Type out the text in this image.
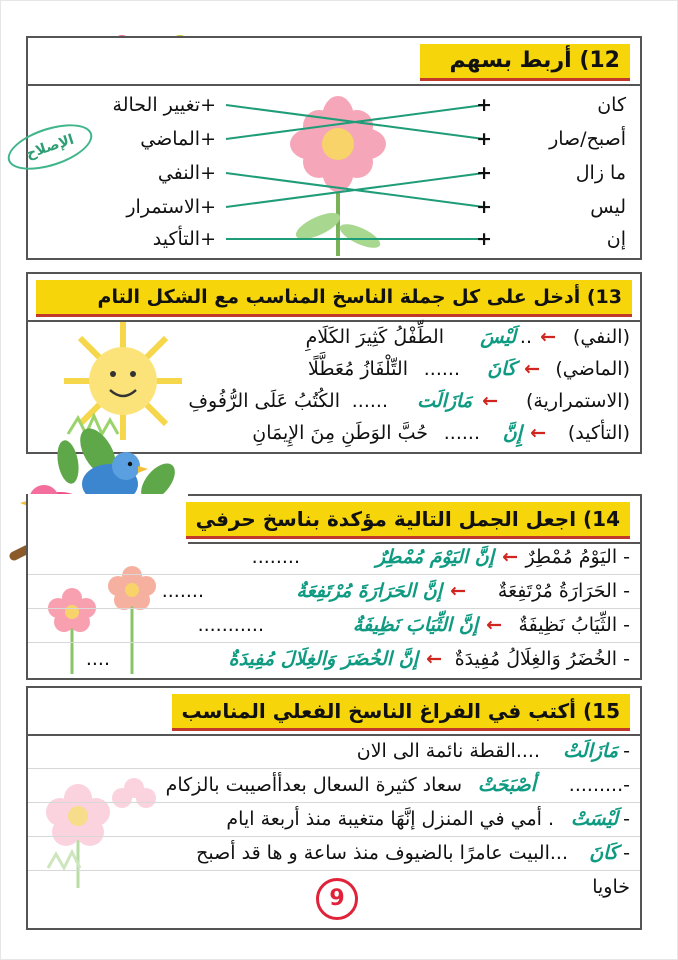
12) أربط بسهم
كان
+
+تغيير الحالة
أصبح/صار
+
+الماضي
ما زال
+
+النفي
ليس
+
+الاستمرار
إن
+
+التأكيد
الإصلاح
13) أدخل على كل جملة الناسخ المناسب مع الشكل التام
(النفي)
←
..
لَيْسَ
الطِّفْلُ كَثِيرَ الكَلَامِ
(الماضي)
←
كَانَ
......
التِّلْفَازُ مُعَطَّلًا
(الاستمرارية)
←
مَازَالَت
......
الكُتُبُ عَلَى الرُّفُوفِ
(التأكيد)
←
إِنَّ
......
حُبَّ الوَطَنِ مِنَ الإِيمَانِ
14) اجعل الجمل التالية مؤكدة بناسخ حرفي
- اليَوْمُ مُمْطِرٌ
←
إنَّ اليَوْمَ مُمْطِرٌ
........
- الحَرَارَةُ مُرْتَفِعَةٌ
←
إنَّ الحَرَارَةَ مُرْتَفِعَةٌ
.......
- الثِّيَابُ نَظِيفَةٌ
←
إنَّ الثِّيَابَ نَظِيفَةٌ
...........
- الخُضَرُ وَالغِلَالُ مُفِيدَةٌ
←
إنَّ الخُضَرَ وَالغِلَالَ مُفِيدَةٌ
....
15) أكتب في الفراغ الناسخ الفعلي المناسب
-
مَازَالَتْ
....القطة نائمة الى الان
-.........
أصْبَحَتْ
سعاد كثيرة السعال بعدأأصيبت بالزكام
-
لَيْسَتْ
. أمي في المنزل إنَّهَا متغيبة منذ أربعة ايام
-
كَانَ
...البيت عامرًا بالضيوف منذ ساعة و ها قد أصبح
خاويا
9
